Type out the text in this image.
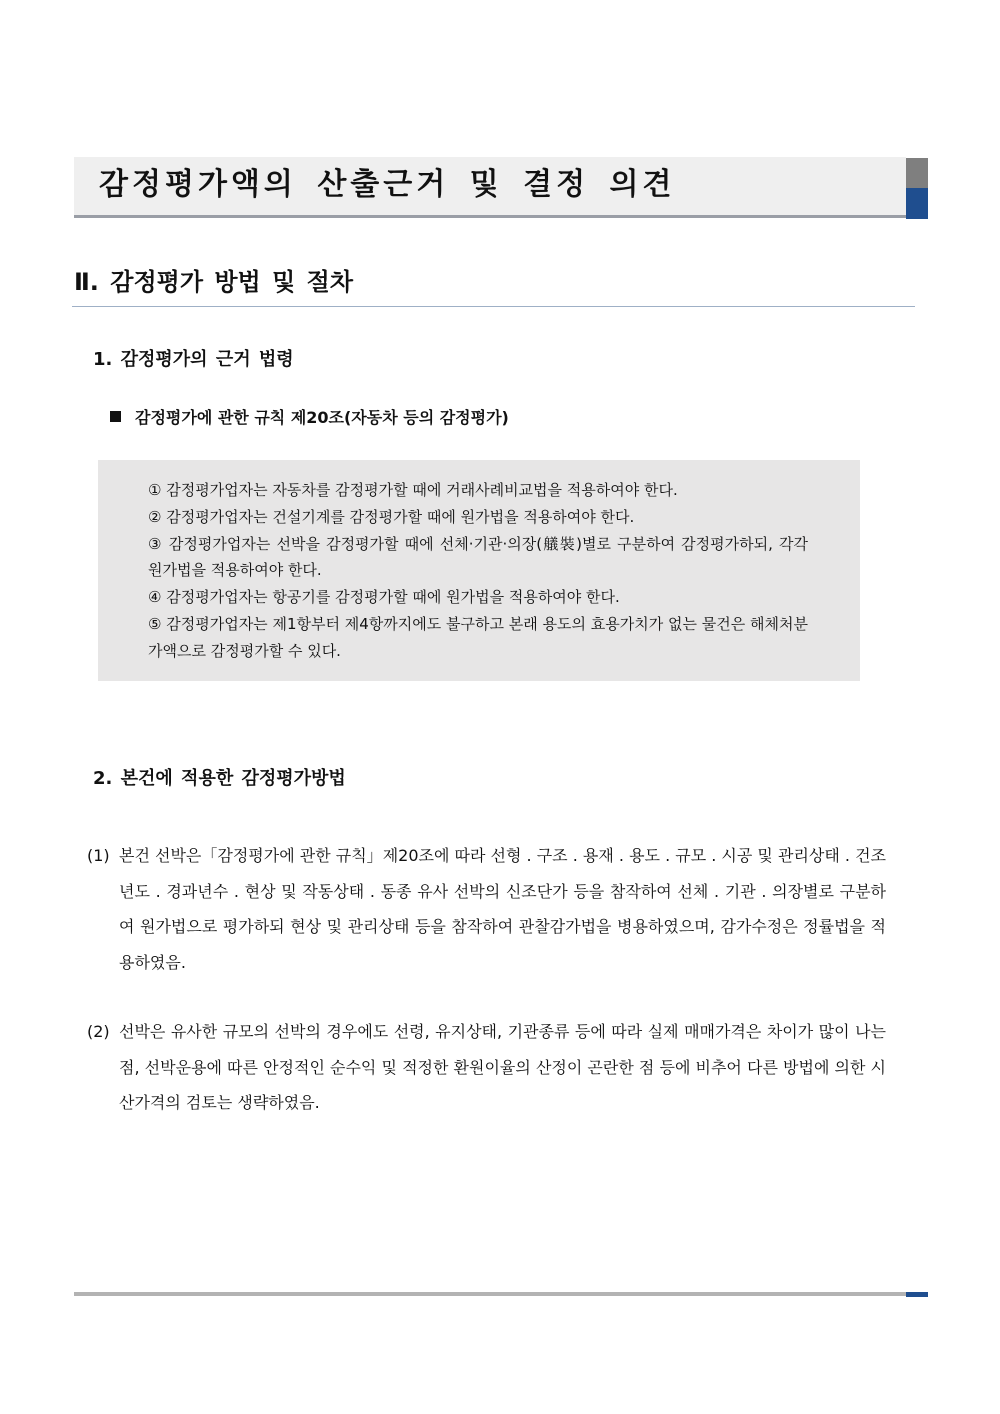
감정평가액의 산출근거 및 결정 의견
Ⅱ. 감정평가 방법 및 절차
1. 감정평가의 근거 법령
감정평가에 관한 규칙 제20조(자동차 등의 감정평가)

① 감정평가업자는 자동차를 감정평가할 때에 거래사례비교법을 적용하여야 한다.

② 감정평가업자는 건설기계를 감정평가할 때에 원가법을 적용하여야 한다.

③ 감정평가업자는 선박을 감정평가할 때에 선체·기관·의장(艤裝)별로 구분하여 감정평가하되, 각각 원가법을 적용하여야 한다.

④ 감정평가업자는 항공기를 감정평가할 때에 원가법을 적용하여야 한다.

⑤ 감정평가업자는 제1항부터 제4항까지에도 불구하고 본래 용도의 효용가치가 없는 물건은 해체처분가액으로 감정평가할 수 있다.

2. 본건에 적용한 감정평가방법
(1) 본건 선박은「감정평가에 관한 규칙」제20조에 따라 선형 . 구조 . 용재 . 용도 . 규모 . 시공 및 관리상태 . 건조년도 . 경과년수 . 현상 및 작동상태 . 동종 유사 선박의 신조단가 등을 참작하여 선체 . 기관 . 의장별로 구분하여 원가법으로 평가하되 현상 및 관리상태 등을 참작하여 관찰감가법을 병용하였으며, 감가수정은 정률법을 적용하였음.
(2) 선박은 유사한 규모의 선박의 경우에도 선령, 유지상태, 기관종류 등에 따라 실제 매매가격은 차이가 많이 나는 점, 선박운용에 따른 안정적인 순수익 및 적정한 환원이율의 산정이 곤란한 점 등에 비추어 다른 방법에 의한 시산가격의 검토는 생략하였음.
